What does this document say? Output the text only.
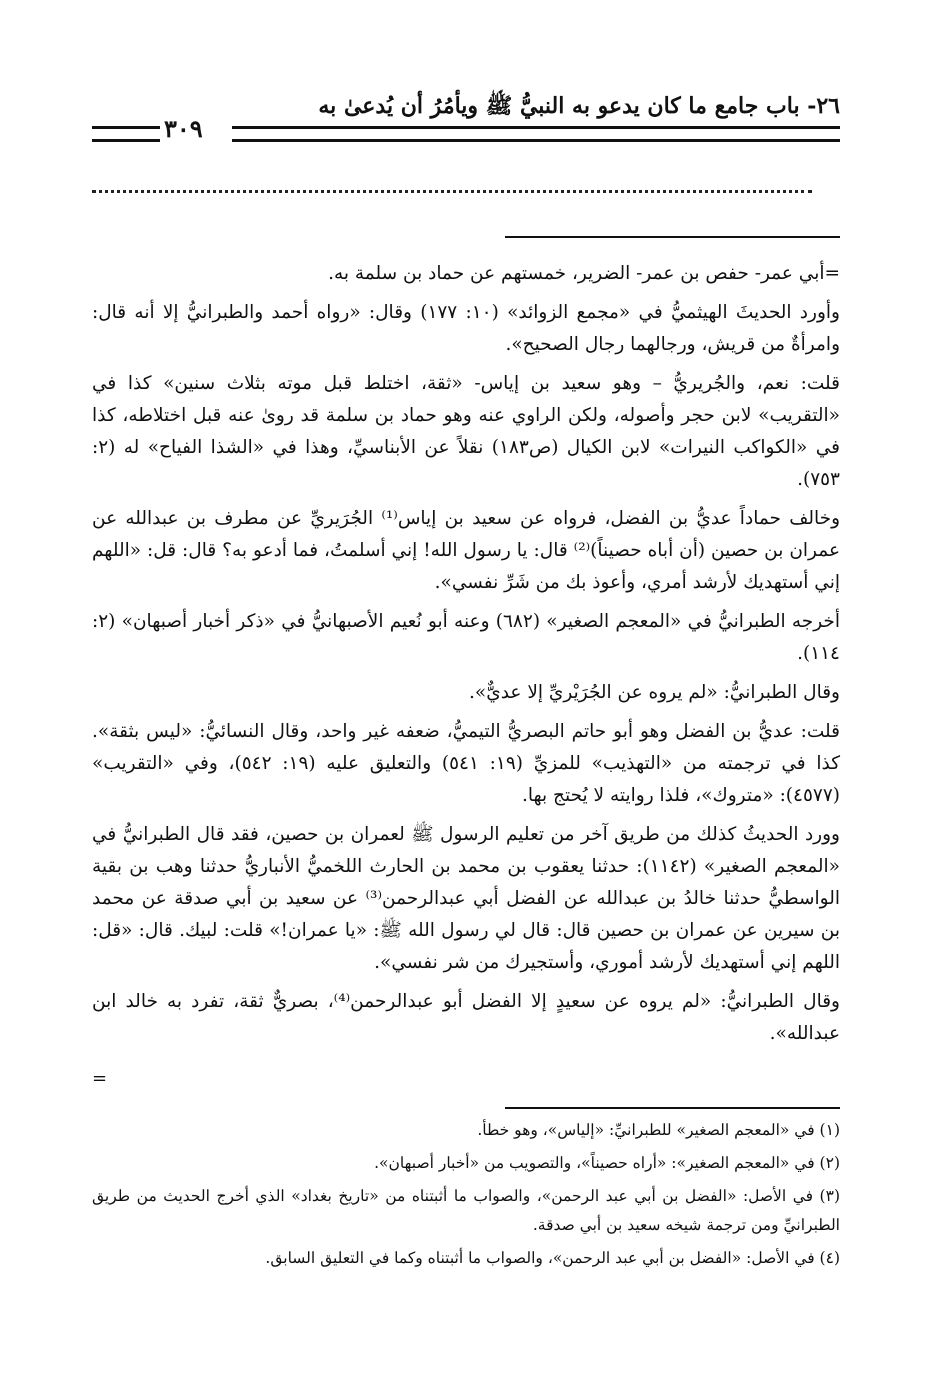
٢٦- باب جامع ما كان يدعو به النبيُّ ﷺ ويأمُرُ أن يُدعىٰ به
٣٠٩

=أبي عمر- حفص بن عمر- الضرير، خمستهم عن حماد بن سلمة به.

وأورد الحديثَ الهيثميُّ في «مجمع الزوائد» (١٠: ١٧٧) وقال: «رواه أحمد والطبرانيُّ إلا أنه قال: وامرأةٌ من قريش، ورجالهما رجال الصحيح».

قلت: نعم، والجُريريُّ – وهو سعيد بن إياس- «ثقة، اختلط قبل موته بثلاث سنين» كذا في «التقريب» لابن حجر وأصوله، ولكن الراوي عنه وهو حماد بن سلمة قد روىٰ عنه قبل اختلاطه، كذا في «الكواكب النيرات» لابن الكيال (ص١٨٣) نقلاً عن الأبناسيِّ، وهذا في «الشذا الفياح» له (٢: ٧٥٣).

وخالف حماداً عديُّ بن الفضل، فرواه عن سعيد بن إياس⁽¹⁾ الجُرَيريِّ عن مطرف بن عبدالله عن عمران بن حصين (أن أباه حصيناً)⁽²⁾ قال: يا رسول الله! إني أسلمتُ، فما أدعو به؟ قال: قل: «اللهم إني أستهديك لأرشد أمري، وأعوذ بك من شَرِّ نفسي».

أخرجه الطبرانيُّ في «المعجم الصغير» (٦٨٢) وعنه أبو نُعيم الأصبهانيُّ في «ذكر أخبار أصبهان» (٢: ١١٤).

وقال الطبرانيُّ: «لم يروه عن الجُرَيْريِّ إلا عديٌّ».

قلت: عديُّ بن الفضل وهو أبو حاتم البصريُّ التيميُّ، ضعفه غير واحد، وقال النسائيُّ: «ليس بثقة». كذا في ترجمته من «التهذيب» للمزيِّ (١٩: ٥٤١) والتعليق عليه (١٩: ٥٤٢)، وفي «التقريب» (٤٥٧٧): «متروك»، فلذا روايته لا يُحتج بها.

وورد الحديثُ كذلك من طريق آخر من تعليم الرسول ﷺ لعمران بن حصين، فقد قال الطبرانيُّ في «المعجم الصغير» (١١٤٢): حدثنا يعقوب بن محمد بن الحارث اللخميُّ الأنباريُّ حدثنا وهب بن بقية الواسطيُّ حدثنا خالدُ بن عبدالله عن الفضل أبي عبدالرحمن⁽³⁾ عن سعيد بن أبي صدقة عن محمد بن سيرين عن عمران بن حصين قال: قال لي رسول الله ﷺ: «يا عمران!» قلت: لبيك. قال: «قل: اللهم إني أستهديك لأرشد أموري، وأستجيرك من شر نفسي».

وقال الطبرانيُّ: «لم يروه عن سعيدٍ إلا الفضل أبو عبدالرحمن⁽⁴⁾، بصريٌّ ثقة، تفرد به خالد ابن عبدالله».

=

(١) في «المعجم الصغير» للطبرانيِّ: «إلياس»، وهو خطأ.

(٢) في «المعجم الصغير»: «أراه حصيناً»، والتصويب من «أخبار أصبهان».

(٣) في الأصل: «الفضل بن أبي عبد الرحمن»، والصواب ما أثبتناه من «تاريخ بغداد» الذي أخرج الحديث من طريق الطبرانيِّ ومن ترجمة شيخه سعيد بن أبي صدقة.

(٤) في الأصل: «الفضل بن أبي عبد الرحمن»، والصواب ما أثبتناه وكما في التعليق السابق.
